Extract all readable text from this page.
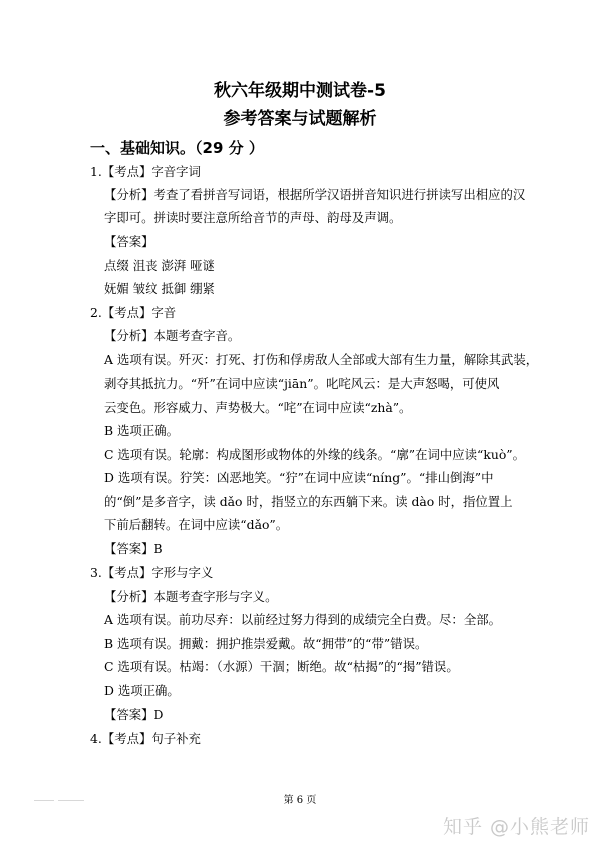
秋六年级期中测试卷-5
参考答案与试题解析
一、基础知识。（29 分 ）
1.【考点】字音字词
【分析】考查了看拼音写词语，根据所学汉语拼音知识进行拼读写出相应的汉
字即可。拼读时要注意所给音节的声母、韵母及声调。
【答案】
点缀 沮丧 澎湃 哑谜
妩媚 皱纹 抵御 绷紧
2.【考点】字音
【分析】本题考查字音。
A 选项有误。歼灭：打死、打伤和俘虏敌人全部或大部有生力量，解除其武装，
剥夺其抵抗力。“歼”在词中应读“jiān”。叱咤风云：是大声怒喝，可使风
云变色。形容威力、声势极大。“咤”在词中应读“zhà”。
B 选项正确。
C 选项有误。轮廓：构成图形或物体的外缘的线条。“廓”在词中应读“kuò”。
D 选项有误。狞笑：凶恶地笑。“狞”在词中应读“níng”。“排山倒海”中
的“倒”是多音字，读 dǎo 时，指竖立的东西躺下来。读 dào 时，指位置上
下前后翻转。在词中应读“dǎo”。
【答案】B
3.【考点】字形与字义
【分析】本题考查字形与字义。
A 选项有误。前功尽弃：以前经过努力得到的成绩完全白费。尽：全部。
B 选项有误。拥戴：拥护推崇爱戴。故“拥带”的“带”错误。
C 选项有误。枯竭：（水源）干涸；断绝。故“枯揭”的“揭”错误。
D 选项正确。
【答案】D
4.【考点】句子补充
第 6 页
知乎 @小熊老师
